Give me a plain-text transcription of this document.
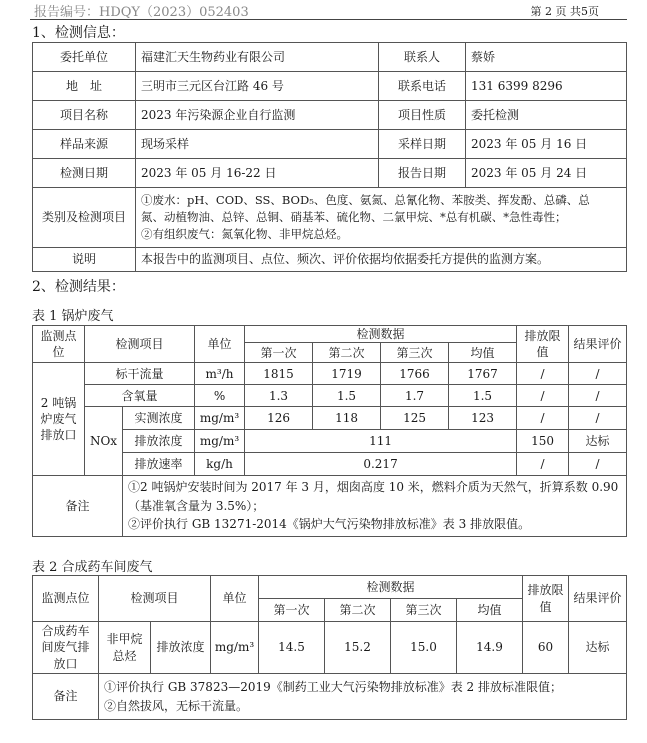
报告编号：HDQY（2023）052403	第 2 页 共5页
1、检测信息：
委托单位	福建汇天生物药业有限公司	联系人	蔡娇
地　址	三明市三元区台江路 46 号	联系电话	131 6399 8296
项目名称	2023 年污染源企业自行监测	项目性质	委托检测
样品来源	现场采样	采样日期	2023 年 05 月 16 日
检测日期	2023 年 05 月 16-22 日	报告日期	2023 年 05 月 24 日
类别及检测项目	①废水：pH、COD、SS、BOD₅、色度、氨氮、总氰化物、苯胺类、挥发酚、总磷、总
氮、动植物油、总锌、总铜、硝基苯、硫化物、二氯甲烷、*总有机碳、*急性毒性；
②有组织废气：氮氧化物、非甲烷总烃。		

说明	本报告中的监测项目、点位、频次、评价依据均依据委托方提供的监测方案。		
2、检测结果：
表 1 锅炉废气
监测点位	检测项目		单位	检测数据				排放限值	结果评价
				第一次	第二次	第三次	均值		
2 吨锅炉废气排放口	标干流量		m³/h	1815	1719	1766	1767	/	/
	含氧量		%	1.3	1.5	1.7	1.5	/	/
	NOx	实测浓度	mg/m³	126	118	125	123	/	/
		排放浓度	mg/m³	111				150	达标
		排放速率	kg/h	0.217				/	/
备注		①2 吨锅炉安装时间为 2017 年 3 月，烟囱高度 10 米，燃料介质为天然气，折算系数 0.90（基准氧含量为 3.5%）；
②评价执行 GB 13271-2014《锅炉大气污染物排放标准》表 3 排放限值。							
表 2 合成药车间废气
监测点位	检测项目		单位	检测数据				排放限值	结果评价
				第一次	第二次	第三次	均值		
合成药车间废气排放口	非甲烷总烃	排放浓度	mg/m³	14.5	15.2	15.0	14.9	60	达标
备注	①评价执行 GB 37823—2019《制药工业大气污染物排放标准》表 2 排放标准限值；
②自然拔风，无标干流量。								
